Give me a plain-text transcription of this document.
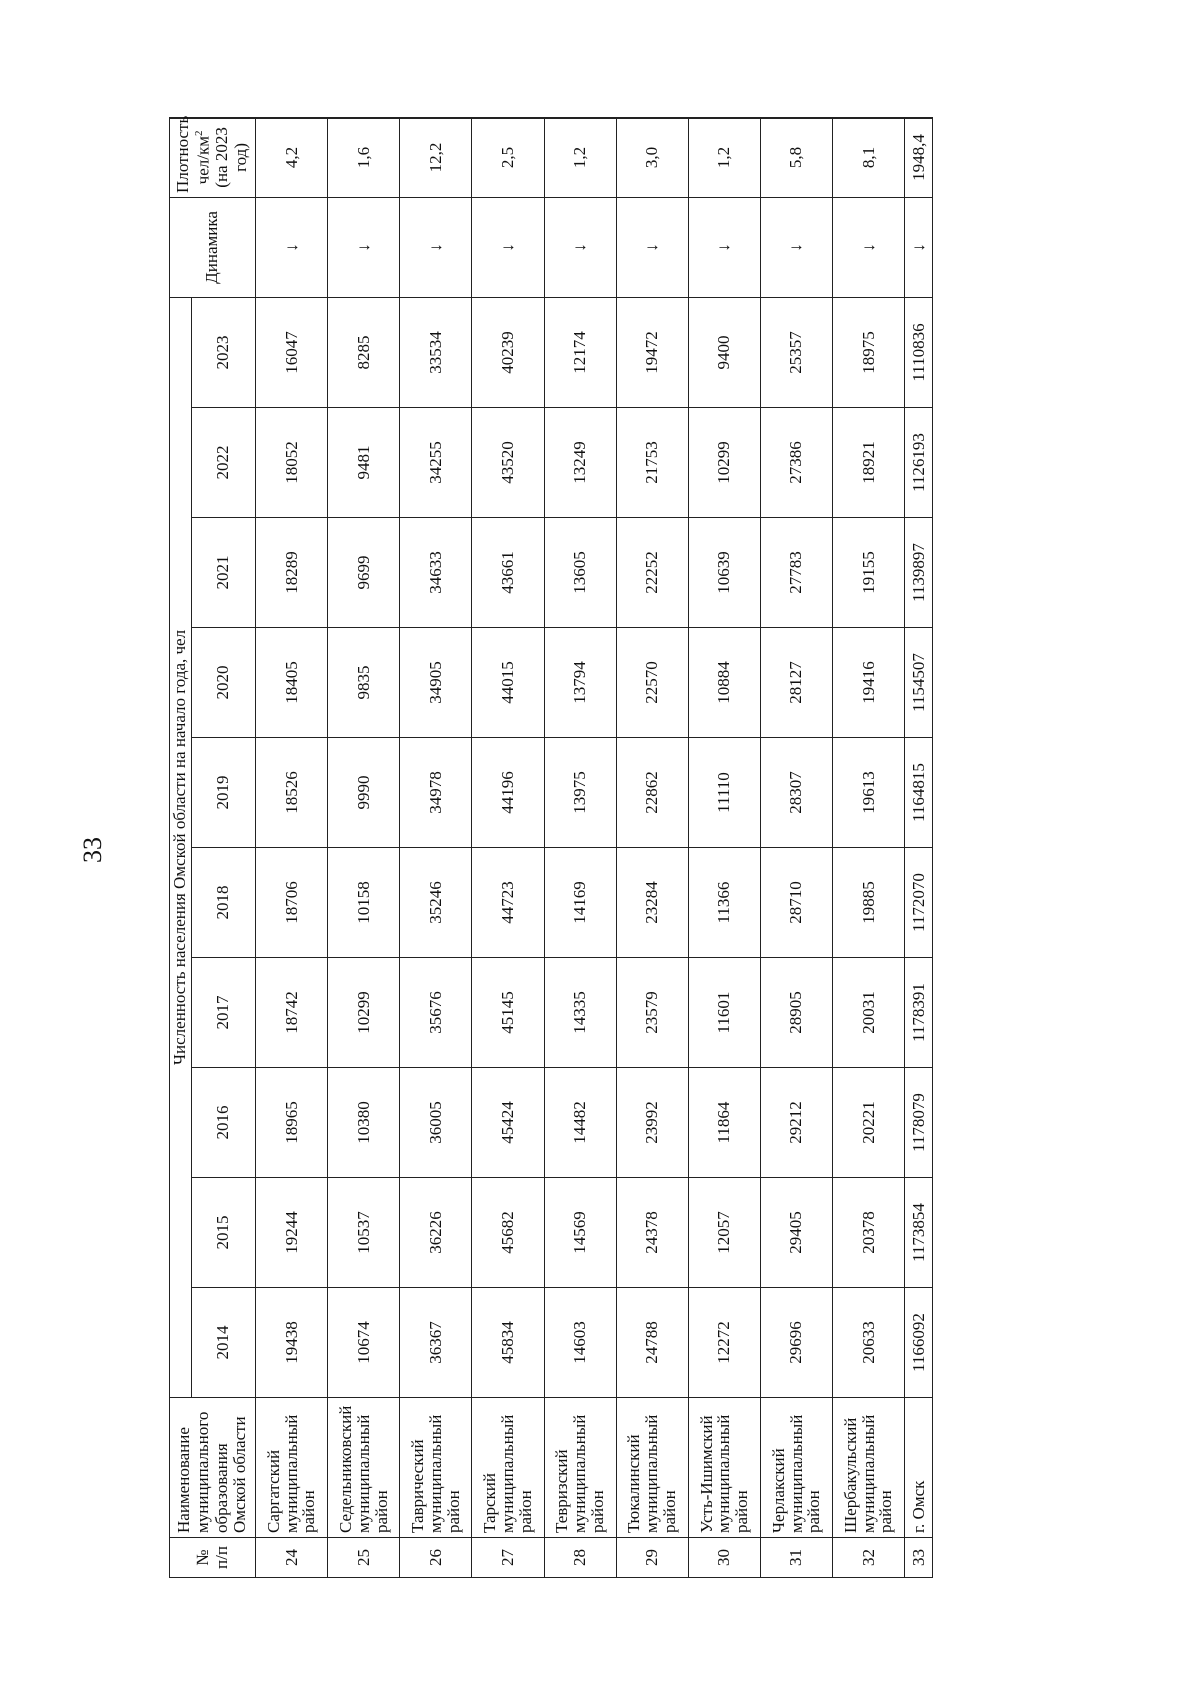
33
№ п/п	Наименование муниципального образования Омской области	Численность населения Омской области на начало года, чел										Динамика	Плотность чел/$км^2$ (на 2023 год)
		2014	2015	2016	2017	2018	2019	2020	2021	2022	2023		
24	Саргатский муниципальный район	19438	19244	18965	18742	18706	18526	18405	18289	18052	16047	↓	4,2
25	Седельниковский муниципальный район	10674	10537	10380	10299	10158	9990	9835	9699	9481	8285	↓	1,6
26	Таврический муниципальный район	36367	36226	36005	35676	35246	34978	34905	34633	34255	33534	↓	12,2
27	Тарский муниципальный район	45834	45682	45424	45145	44723	44196	44015	43661	43520	40239	↓	2,5
28	Тевризский муниципальный район	14603	14569	14482	14335	14169	13975	13794	13605	13249	12174	↓	1,2
29	Тюкалинский муниципальный район	24788	24378	23992	23579	23284	22862	22570	22252	21753	19472	↓	3,0
30	Усть-Ишимский муниципальный район	12272	12057	11864	11601	11366	11110	10884	10639	10299	9400	↓	1,2
31	Черлакский муниципальный район	29696	29405	29212	28905	28710	28307	28127	27783	27386	25357	↓	5,8
32	Шербакульский муниципальный район	20633	20378	20221	20031	19885	19613	19416	19155	18921	18975	↓	8,1
33	г. Омск	1166092	1173854	1178079	1178391	1172070	1164815	1154507	1139897	1126193	1110836	↓	1948,4
